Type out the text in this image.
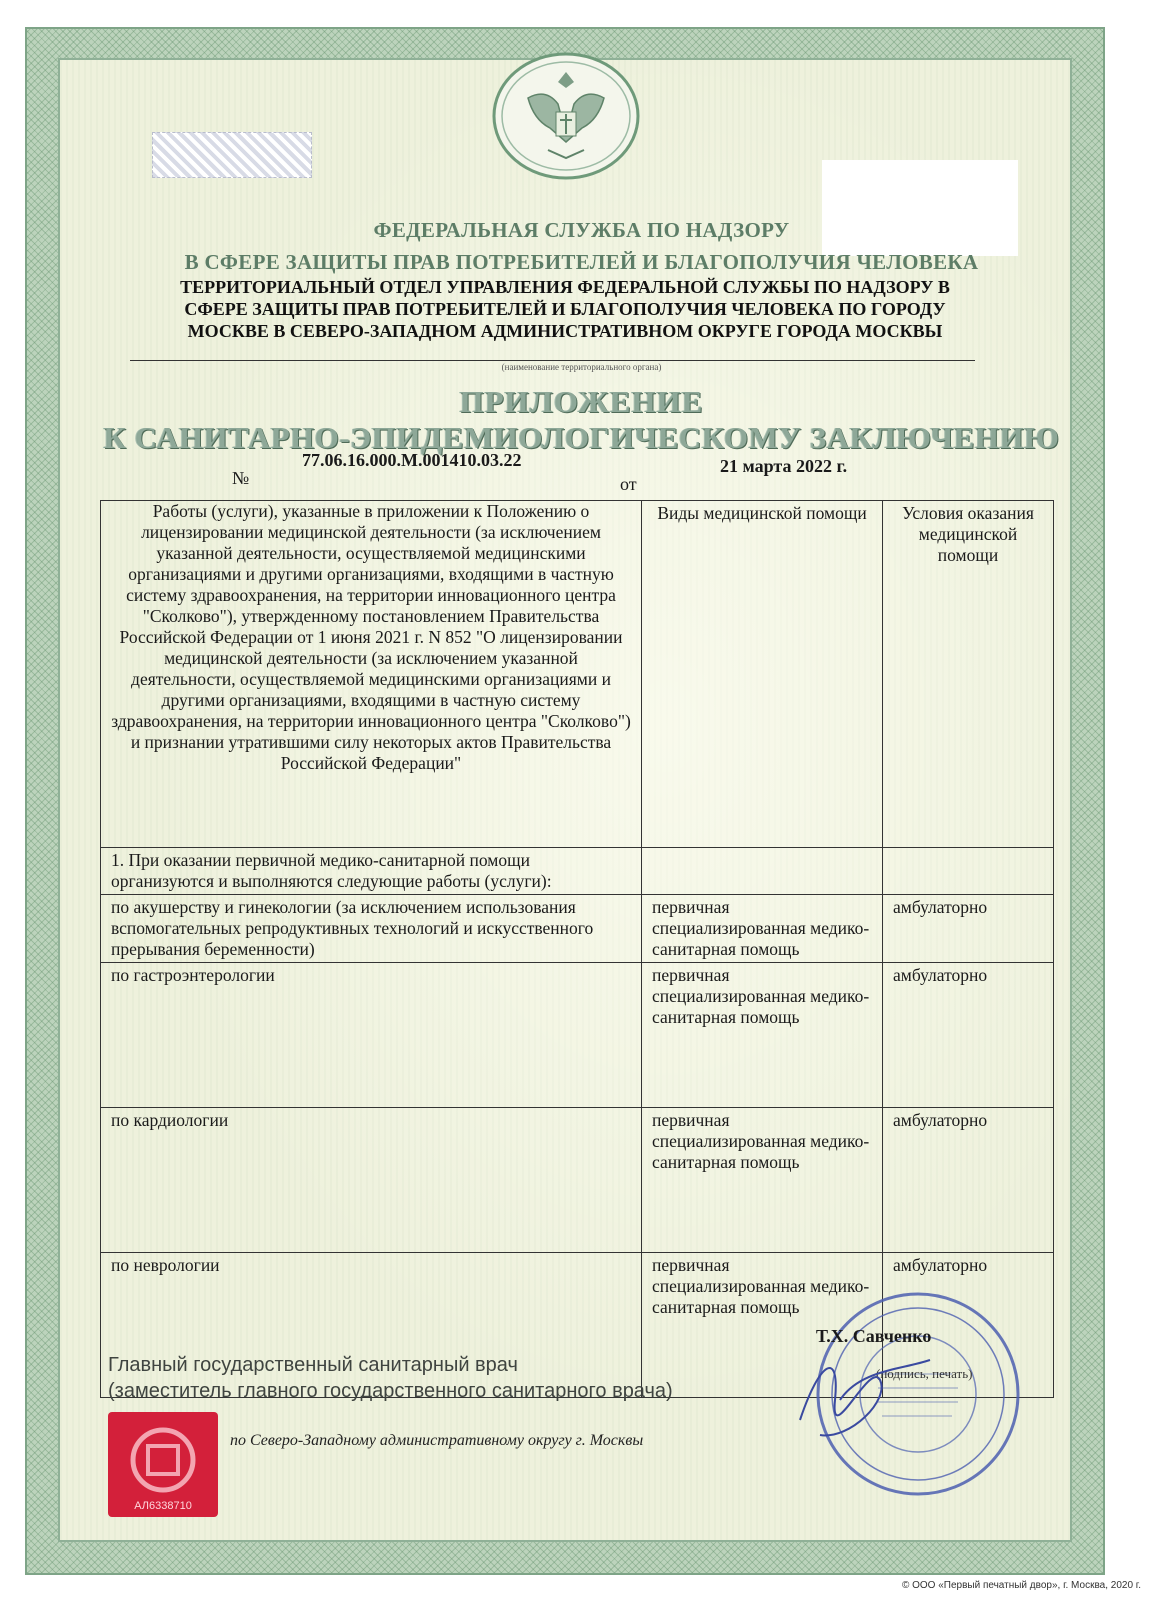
ФЕДЕРАЛЬНАЯ СЛУЖБА ПО НАДЗОРУ
В СФЕРЕ ЗАЩИТЫ ПРАВ ПОТРЕБИТЕЛЕЙ И БЛАГОПОЛУЧИЯ ЧЕЛОВЕКА
ТЕРРИТОРИАЛЬНЫЙ ОТДЕЛ УПРАВЛЕНИЯ ФЕДЕРАЛЬНОЙ СЛУЖБЫ ПО НАДЗОРУ В
СФЕРЕ ЗАЩИТЫ ПРАВ ПОТРЕБИТЕЛЕЙ И БЛАГОПОЛУЧИЯ ЧЕЛОВЕКА ПО ГОРОДУ
МОСКВЕ В СЕВЕРО-ЗАПАДНОМ АДМИНИСТРАТИВНОМ ОКРУГЕ ГОРОДА МОСКВЫ
(наименование территориального органа)
ПРИЛОЖЕНИЕ
К САНИТАРНО-ЭПИДЕМИОЛОГИЧЕСКОМУ ЗАКЛЮЧЕНИЮ
№
77.06.16.000.М.001410.03.22
от
21 марта 2022 г.
Работы (услуги), указанные в приложении к Положению о лицензировании медицинской деятельности (за исключением указанной деятельности, осуществляемой медицинскими организациями и другими организациями, входящими в частную систему здравоохранения, на территории инновационного центра "Сколково"), утвержденному постановлением Правительства Российской Федерации от 1 июня 2021 г. N 852 "О лицензировании медицинской деятельности (за исключением указанной деятельности, осуществляемой медицинскими организациями и другими организациями, входящими в частную систему здравоохранения, на территории инновационного центра "Сколково") и признании утратившими силу некоторых актов Правительства Российской Федерации"	Виды медицинской помощи	Условия оказания медицинской помощи
1. При оказании первичной медико-санитарной помощи организуются и выполняются следующие работы (услуги):		
по акушерству и гинекологии (за исключением использования вспомогательных репродуктивных технологий и искусственного прерывания беременности)	первичная специализированная медико-санитарная помощь	амбулаторно
по гастроэнтерологии	первичная специализированная медико-санитарная помощь	амбулаторно
по кардиологии	первичная специализированная медико-санитарная помощь	амбулаторно
по неврологии	первичная специализированная медико-санитарная помощь	амбулаторно
Т.Х. Савченко
(подпись, печать)
Главный государственный санитарный врач
(заместитель главного государственного санитарного врача)
АЛ6338710
по Северо-Западному административному округу г. Москвы
© ООО «Первый печатный двор», г. Москва, 2020 г.
